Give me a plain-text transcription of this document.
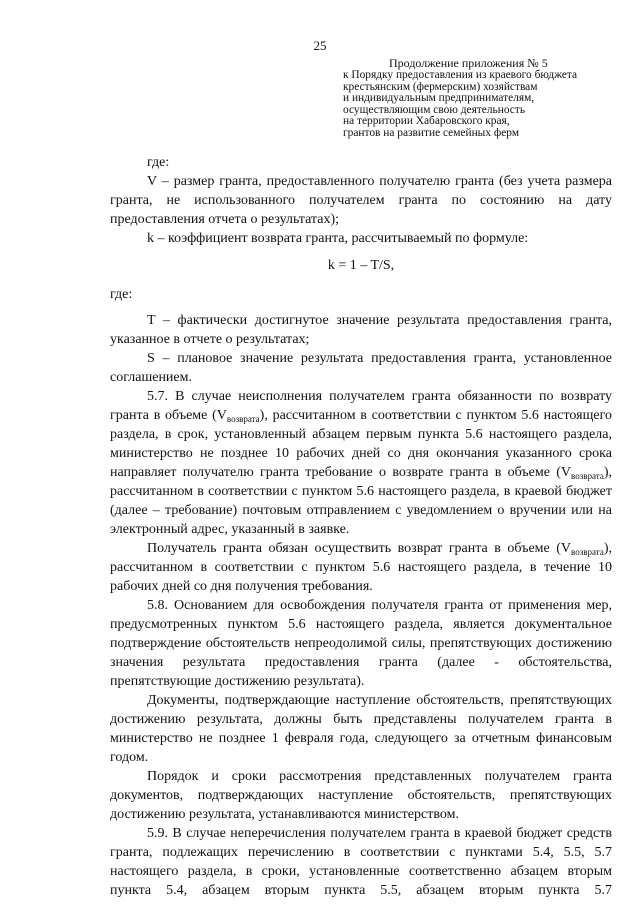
25
Продолжение приложения № 5
к Порядку предоставления из краевого бюджета
крестьянским (фермерским) хозяйствам
и индивидуальным предпринимателям,
осуществляющим свою деятельность
на территории Хабаровского края,
грантов на развитие семейных ферм

где:

V – размер гранта, предоставленного получателю гранта (без учета размера гранта, не использованного получателем гранта по состоянию на дату предоставления отчета о результатах);

k – коэффициент возврата гранта, рассчитываемый по формуле:

k = 1 – T/S,

где:

T – фактически достигнутое значение результата предоставления гранта, указанное в отчете о результатах;

S – плановое значение результата предоставления гранта, установленное соглашением.

5.7. В случае неисполнения получателем гранта обязанности по возврату гранта в объеме $(V_{возврата})$, рассчитанном в соответствии с пунктом 5.6 настоящего раздела, в срок, установленный абзацем первым пункта 5.6 настоящего раздела, министерство не позднее 10 рабочих дней со дня окончания указанного срока направляет получателю гранта требование о возврате гранта в объеме $(V_{возврата})$, рассчитанном в соответствии с пунктом 5.6 настоящего раздела, в краевой бюджет (далее – требование) почтовым отправлением с уведомлением о вручении или на электронный адрес, указанный в заявке.

Получатель гранта обязан осуществить возврат гранта в объеме $(V_{возврата})$, рассчитанном в соответствии с пунктом 5.6 настоящего раздела, в течение 10 рабочих дней со дня получения требования.

5.8. Основанием для освобождения получателя гранта от применения мер, предусмотренных пунктом 5.6 настоящего раздела, является документальное подтверждение обстоятельств непреодолимой силы, препятствующих достижению значения результата предоставления гранта (далее - обстоятельства, препятствующие достижению результата).

Документы, подтверждающие наступление обстоятельств, препятствующих достижению результата, должны быть представлены получателем гранта в министерство не позднее 1 февраля года, следующего за отчетным финансовым годом.

Порядок и сроки рассмотрения представленных получателем гранта документов, подтверждающих наступление обстоятельств, препятствующих достижению результата, устанавливаются министерством.

5.9. В случае неперечисления получателем гранта в краевой бюджет средств гранта, подлежащих перечислению в соответствии с пунктами 5.4, 5.5, 5.7 настоящего раздела, в сроки, установленные соответственно абзацем вторым пункта 5.4, абзацем вторым пункта 5.5, абзацем вторым пункта 5.7
